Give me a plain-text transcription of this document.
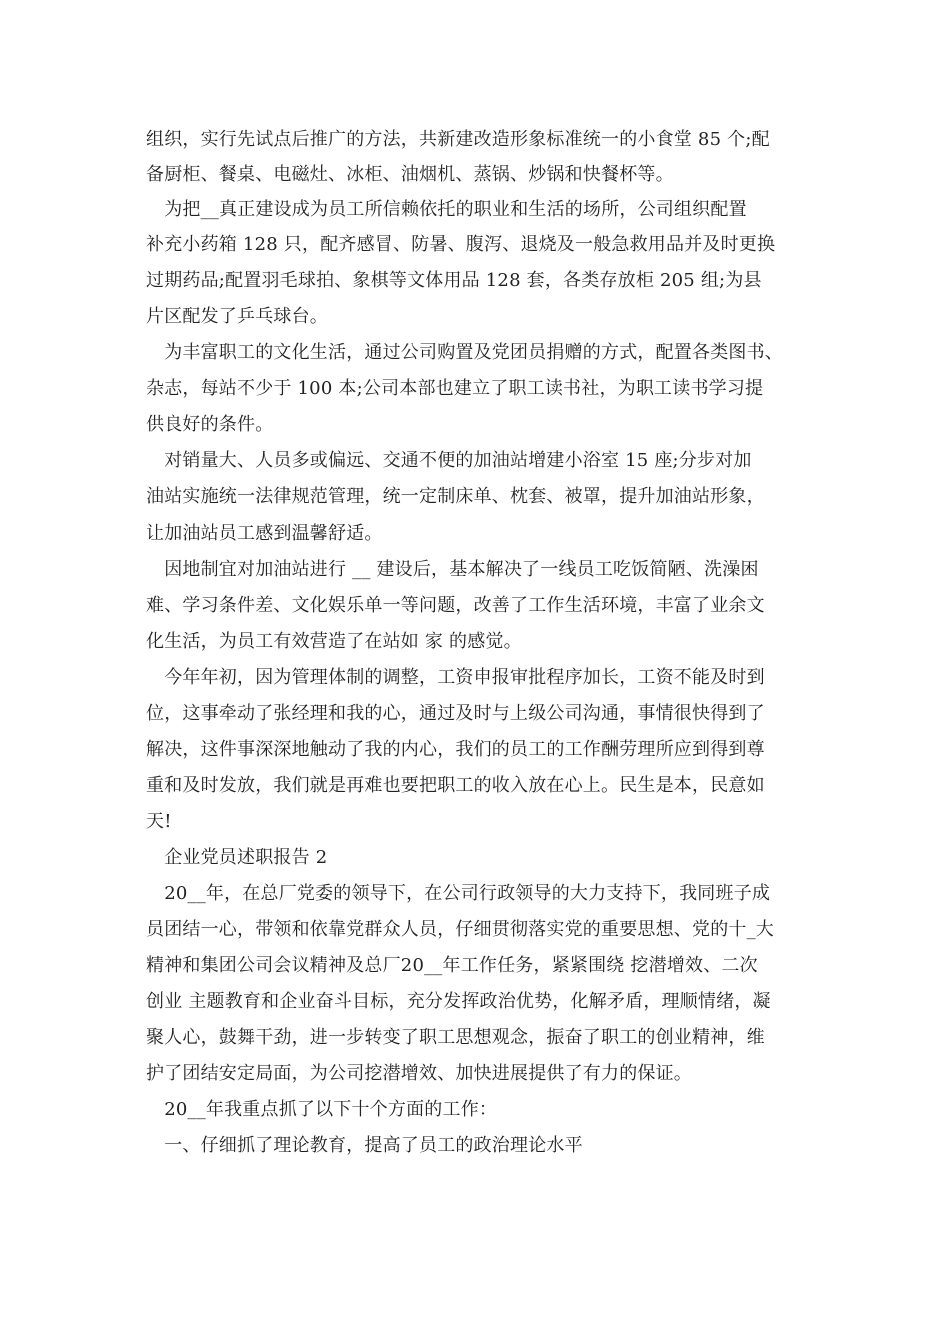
组织，实行先试点后推广的方法，共新建改造形象标准统一的小食堂 85 个;配
备厨柜、餐桌、电磁灶、冰柜、油烟机、蒸锅、炒锅和快餐杯等。
　为把__真正建设成为员工所信赖依托的职业和生活的场所，公司组织配置
补充小药箱 128 只，配齐感冒、防暑、腹泻、退烧及一般急救用品并及时更换
过期药品;配置羽毛球拍、象棋等文体用品 128 套，各类存放柜 205 组;为县
片区配发了乒乓球台。
　为丰富职工的文化生活，通过公司购置及党团员捐赠的方式，配置各类图书、
杂志，每站不少于 100 本;公司本部也建立了职工读书社，为职工读书学习提
供良好的条件。
　对销量大、人员多或偏远、交通不便的加油站增建小浴室 15 座;分步对加
油站实施统一法律规范管理，统一定制床单、枕套、被罩，提升加油站形象，
让加油站员工感到温馨舒适。
　因地制宜对加油站进行 __ 建设后，基本解决了一线员工吃饭简陋、洗澡困
难、学习条件差、文化娱乐单一等问题，改善了工作生活环境，丰富了业余文
化生活，为员工有效营造了在站如 家 的感觉。
　今年年初，因为管理体制的调整，工资申报审批程序加长，工资不能及时到
位，这事牵动了张经理和我的心，通过及时与上级公司沟通，事情很快得到了
解决，这件事深深地触动了我的内心，我们的员工的工作酬劳理所应到得到尊
重和及时发放，我们就是再难也要把职工的收入放在心上。民生是本，民意如
天!
　企业党员述职报告 2
　20__年，在总厂党委的领导下，在公司行政领导的大力支持下，我同班子成
员团结一心，带领和依靠党群众人员，仔细贯彻落实党的重要思想、党的十_大
精神和集团公司会议精神及总厂20__年工作任务，紧紧围绕 挖潜增效、二次
创业 主题教育和企业奋斗目标，充分发挥政治优势，化解矛盾，理顺情绪，凝
聚人心，鼓舞干劲，进一步转变了职工思想观念，振奋了职工的创业精神，维
护了团结安定局面，为公司挖潜增效、加快进展提供了有力的保证。
　20__年我重点抓了以下十个方面的工作：
　一、仔细抓了理论教育，提高了员工的政治理论水平
